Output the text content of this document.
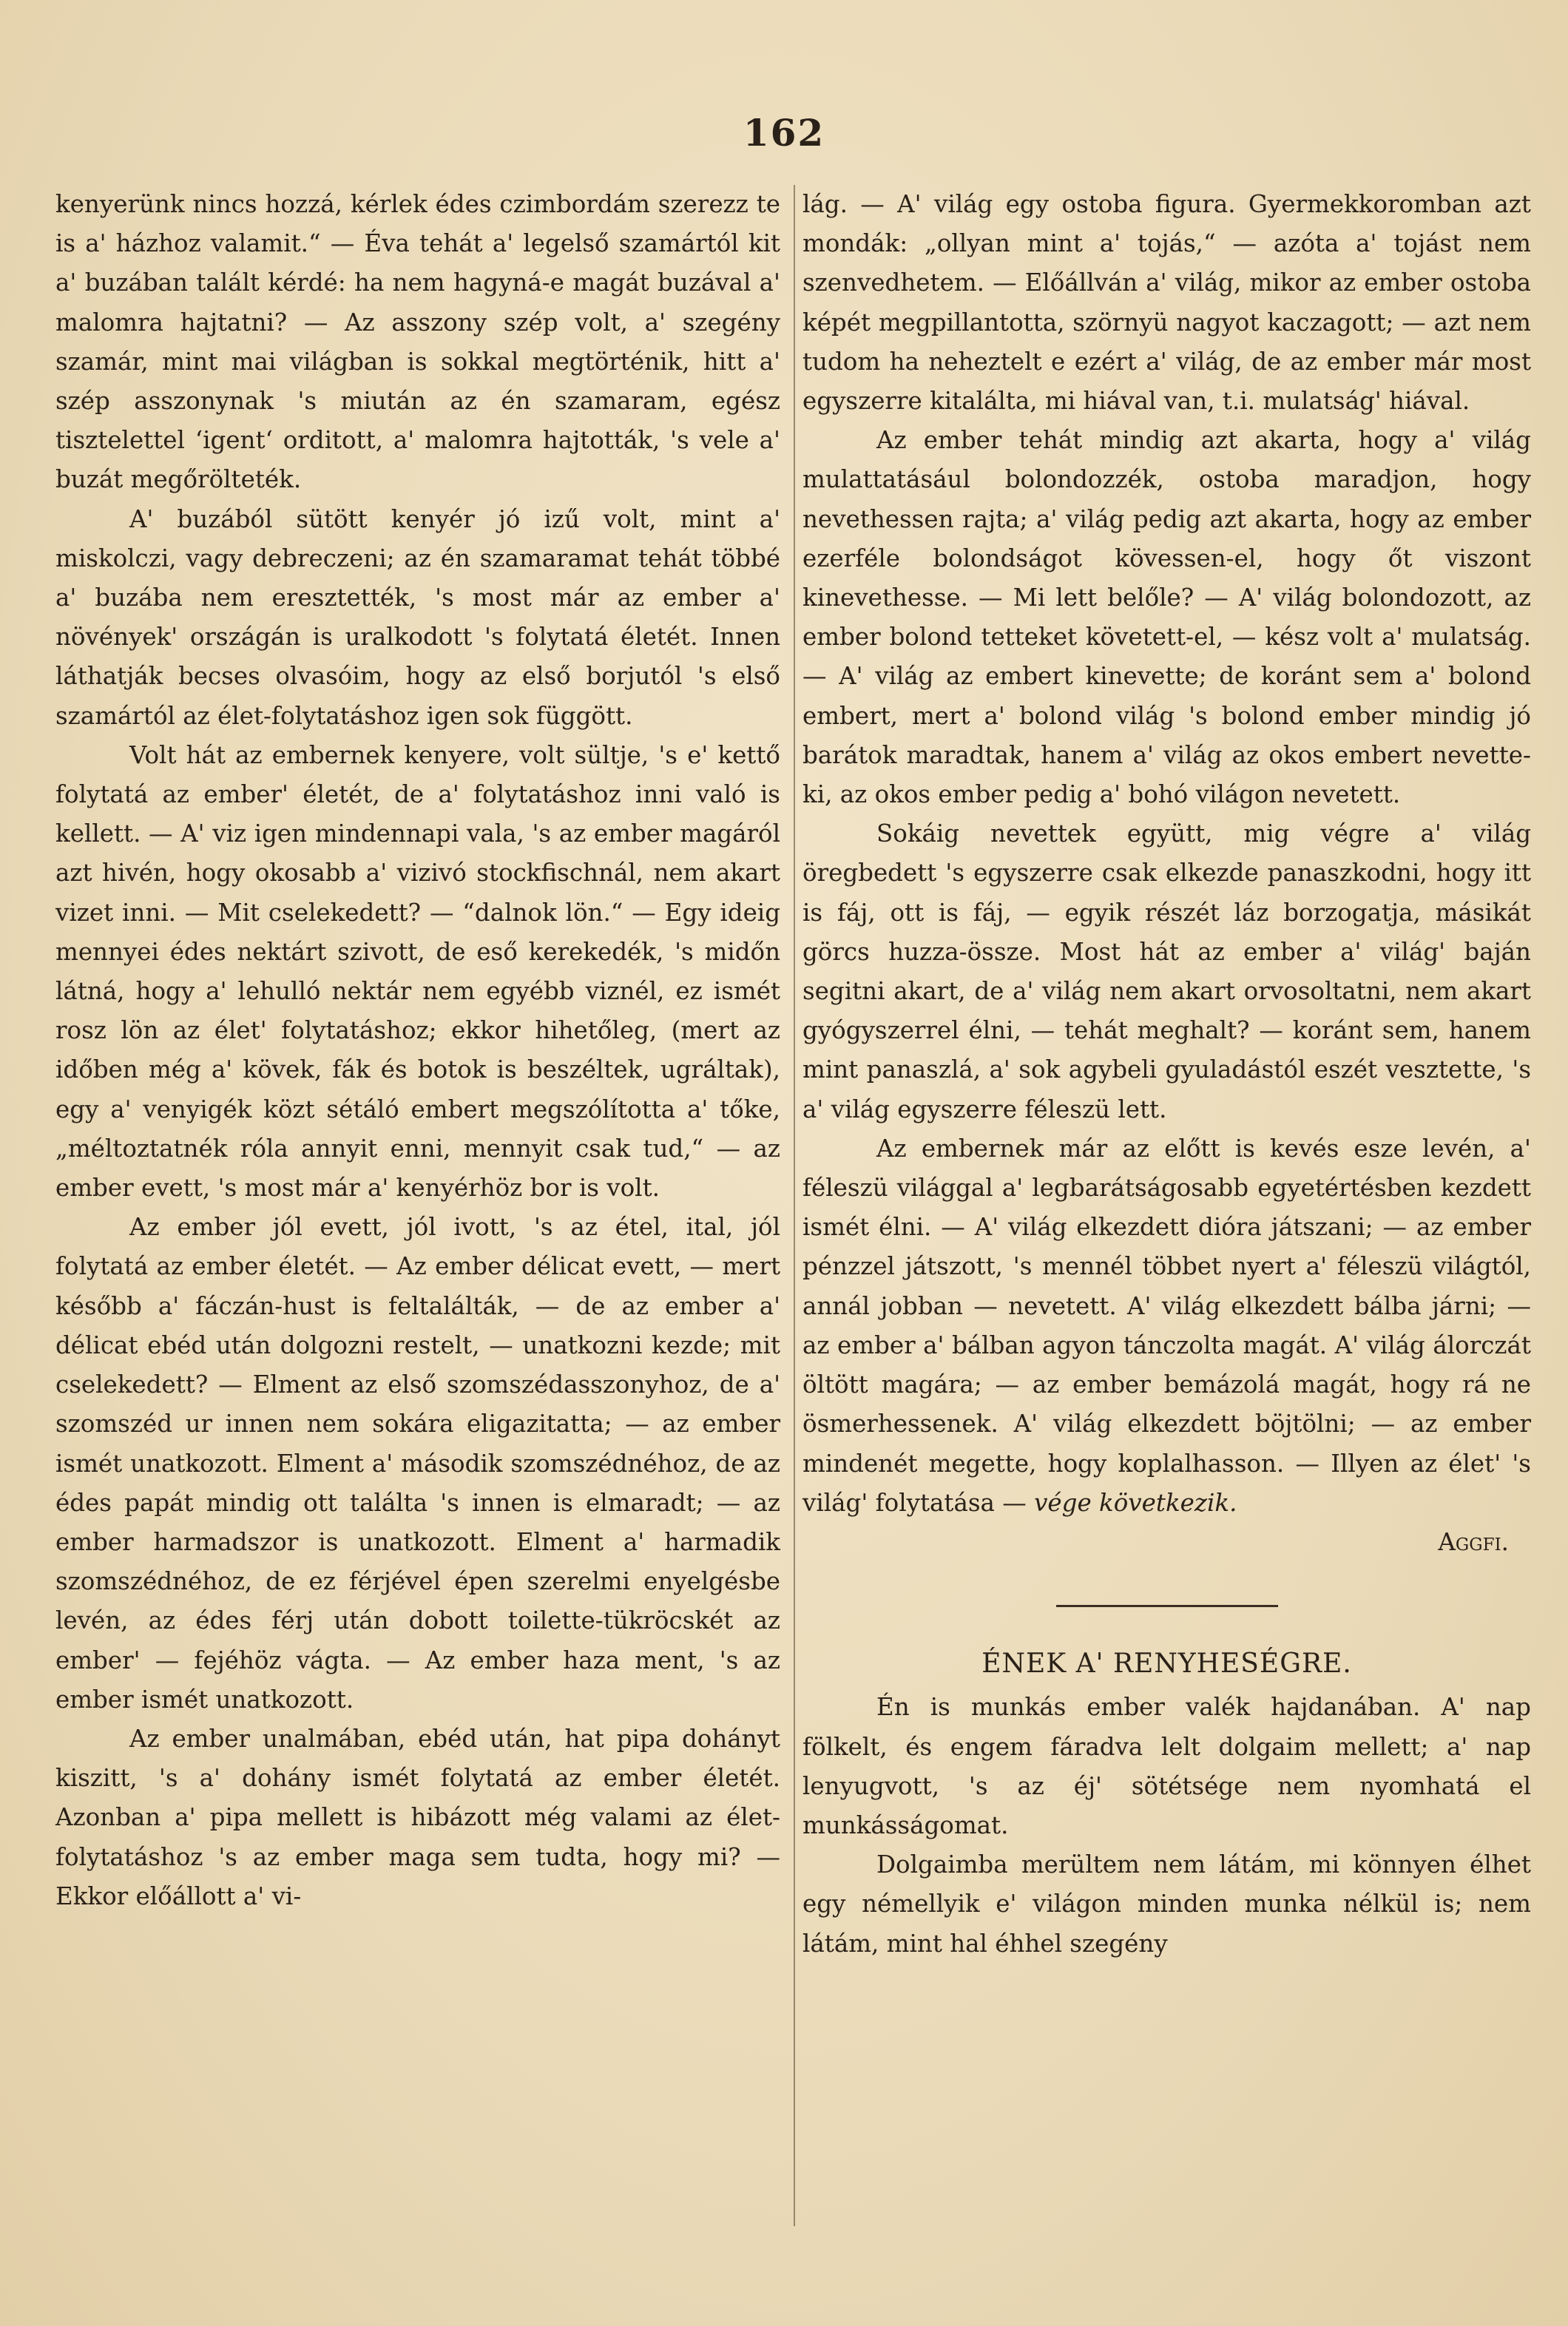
162

kenyerünk nincs hozzá, kérlek édes czimbordám szerezz te is a' házhoz valamit.“ — Éva tehát a' legelső szamártól kit a' buzában talált kérdé: ha nem hagyná-e magát buzával a' malomra hajtatni? — Az asszony szép volt, a' szegény szamár, mint mai világban is sokkal megtörténik, hitt a' szép asszonynak 's miután az én szamaram, egész tisztelettel ‘igent‘ orditott, a' malomra hajtották, 's vele a' buzát megőrölteték.

A' buzából sütött kenyér jó izű volt, mint a' miskolczi, vagy debreczeni; az én szamaramat tehát többé a' buzába nem eresztették, 's most már az ember a' növények' országán is uralkodott 's folytatá életét. Innen láthatják becses olvasóim, hogy az első borjutól 's első szamártól az élet-folytatáshoz igen sok függött.

Volt hát az embernek kenyere, volt sültje, 's e' kettő folytatá az ember' életét, de a' folytatáshoz inni való is kellett. — A' viz igen mindennapi vala, 's az ember magáról azt hivén, hogy okosabb a' vizivó stockfischnál, nem akart vizet inni. — Mit cselekedett? — “dalnok lön.“ — Egy ideig mennyei édes nektárt szivott, de eső kerekedék, 's midőn látná, hogy a' lehulló nektár nem egyébb viznél, ez ismét rosz lön az élet' folytatáshoz; ekkor hihetőleg, (mert az időben még a' kövek, fák és botok is beszéltek, ugráltak), egy a' venyigék közt sétáló embert megszólította a' tőke, „méltoztatnék róla annyit enni, mennyit csak tud,“ — az ember evett, 's most már a' kenyérhöz bor is volt.

Az ember jól evett, jól ivott, 's az étel, ital, jól folytatá az ember életét. — Az ember délicat evett, — mert később a' fáczán-hust is feltalálták, — de az ember a' délicat ebéd után dolgozni restelt, — unatkozni kezde; mit cselekedett? — Elment az első szomszédasszonyhoz, de a' szomszéd ur innen nem sokára eligazitatta; — az ember ismét unatkozott. Elment a' második szomszédnéhoz, de az édes papát mindig ott találta 's innen is elmaradt; — az ember harmadszor is unatkozott. Elment a' harmadik szomszédnéhoz, de ez férjével épen szerelmi enyelgésbe levén, az édes férj után dobott toilette-tükröcskét az ember' — fejéhöz vágta. — Az ember haza ment, 's az ember ismét unatkozott.

Az ember unalmában, ebéd után, hat pipa dohányt kiszitt, 's a' dohány ismét folytatá az ember életét. Azonban a' pipa mellett is hibázott még valami az élet-folytatáshoz 's az ember maga sem tudta, hogy mi? — Ekkor előállott a' vi-

lág. — A' világ egy ostoba figura. Gyermekkoromban azt mondák: „ollyan mint a' tojás,“ — azóta a' tojást nem szenvedhetem. — Előállván a' világ, mikor az ember ostoba képét megpillantotta, szörnyü nagyot kaczagott; — azt nem tudom ha neheztelt e ezért a' világ, de az ember már most egyszerre kitalálta, mi hiával van, t.i. mulatság' hiával.

Az ember tehát mindig azt akarta, hogy a' világ mulattatásául bolondozzék, ostoba maradjon, hogy nevethessen rajta; a' világ pedig azt akarta, hogy az ember ezerféle bolondságot kövessen-el, hogy őt viszont kinevethesse. — Mi lett belőle? — A' világ bolondozott, az ember bolond tetteket követett-el, — kész volt a' mulatság. — A' világ az embert kinevette; de koránt sem a' bolond embert, mert a' bolond világ 's bolond ember mindig jó barátok maradtak, hanem a' világ az okos embert nevette-ki, az okos ember pedig a' bohó világon nevetett.

Sokáig nevettek együtt, mig végre a' világ öregbedett 's egyszerre csak elkezde panaszkodni, hogy itt is fáj, ott is fáj, — egyik részét láz borzogatja, másikát görcs huzza-össze. Most hát az ember a' világ' baján segitni akart, de a' világ nem akart orvosoltatni, nem akart gyógyszerrel élni, — tehát meghalt? — koránt sem, hanem mint panaszlá, a' sok agybeli gyuladástól eszét vesztette, 's a' világ egyszerre féleszü lett.

Az embernek már az előtt is kevés esze levén, a' féleszü világgal a' legbarátságosabb egyetértésben kezdett ismét élni. — A' világ elkezdett dióra játszani; — az ember pénzzel játszott, 's mennél többet nyert a' féleszü világtól, annál jobban — nevetett. A' világ elkezdett bálba járni; — az ember a' bálban agyon tánczolta magát. A' világ álorczát öltött magára; — az ember bemázolá magát, hogy rá ne ösmerhessenek. A' világ elkezdett böjtölni; — az ember mindenét megette, hogy koplalhasson. — Illyen az élet' 's világ' folytatása — vége következik.

Aggfi.

ÉNEK A' RENYHESÉGRE.

Én is munkás ember valék hajdanában. A' nap fölkelt, és engem fáradva lelt dolgaim mellett; a' nap lenyugvott, 's az éj' sötétsége nem nyomhatá el munkásságomat.

Dolgaimba merültem nem látám, mi könnyen élhet egy némellyik e' világon minden munka nélkül is; nem látám, mint hal éhhel szegény
